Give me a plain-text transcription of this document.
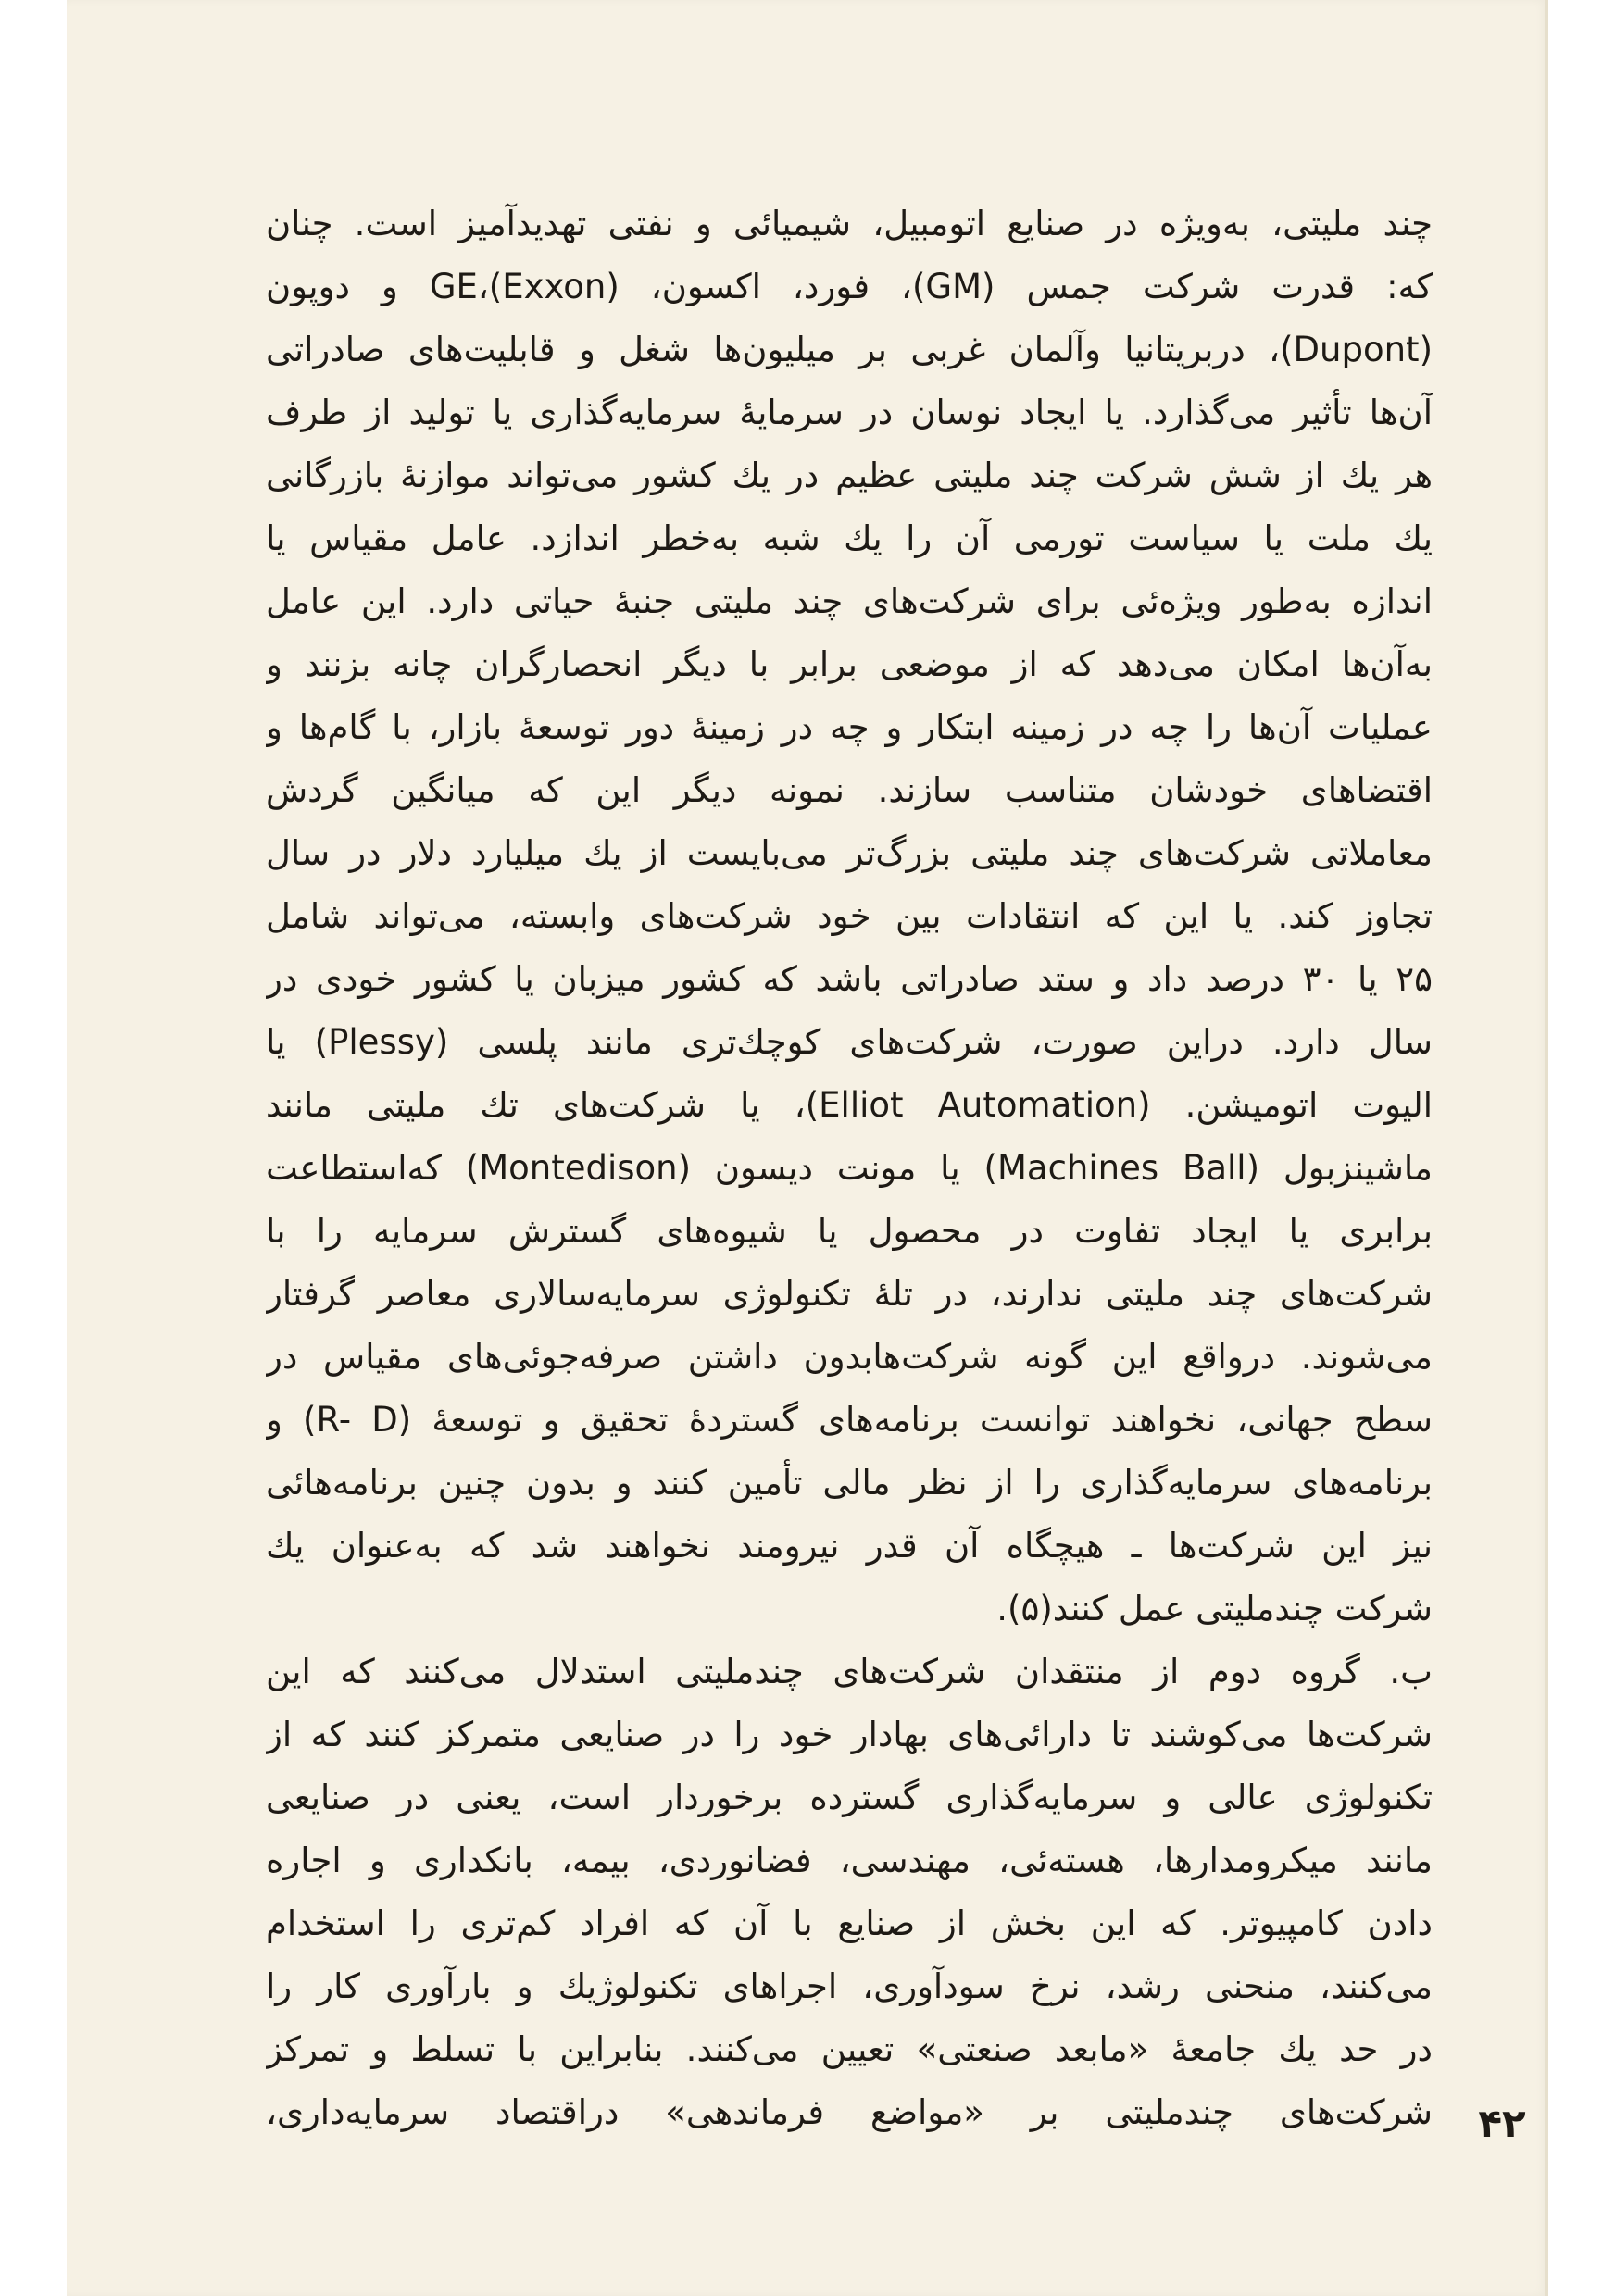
چند ملیتی، به‌ویژه در صنایع اتومبیل، شیمیائی و نفتی تهدیدآمیز است. چنان
که: قدرت شرکت جمس (GM)، فورد، اکسون، GE،(Exxon) و دوپون
(Dupont)، دربریتانیا وآلمان غربی بر میلیون‌ها شغل و قابلیت‌های صادراتی
آن‌ها تأثیر می‌گذارد. یا ایجاد نوسان در سرمایهٔ سرمایه‌گذاری یا تولید از طرف
هر یك از شش شرکت چند ملیتی عظیم در یك کشور می‌تواند موازنهٔ بازرگانی
یك ملت یا سیاست تورمی آن را یك شبه به‌خطر اندازد. عامل مقیاس یا
اندازه به‌طور ویژه‌ئی برای شرکت‌های چند ملیتی جنبهٔ حیاتی دارد. این عامل
به‌آن‌ها امکان می‌دهد که از موضعی برابر با دیگر انحصارگران چانه بزنند و
عملیات آن‌ها را چه در زمینه ابتکار و چه در زمینهٔ دور توسعهٔ بازار، با گام‌ها و
اقتضاهای خودشان متناسب سازند. نمونه دیگر این که میانگین گردش
معاملاتی شرکت‌های چند ملیتی بزرگ‌تر می‌بایست از یك میلیارد دلار در سال
تجاوز کند. یا این که انتقادات بین خود شرکت‌های وابسته، می‌تواند شامل
۲۵ یا ۳۰ درصد داد و ستد صادراتی باشد که کشور میزبان یا کشور خودی در
سال دارد. دراین صورت، شرکت‌های کوچك‌تری مانند پلسی (Plessy) یا
الیوت اتومیشن. (Elliot Automation)، یا شرکت‌های تك ملیتی مانند
ماشینزبول (Machines Ball) یا مونت دیسون (Montedison) که‌استطاعت
برابری یا ایجاد تفاوت در محصول یا شیوه‌های گسترش سرمایه را با
شرکت‌های چند ملیتی ندارند، در تلهٔ تکنولوژی سرمایه‌سالاری معاصر گرفتار
می‌شوند. درواقع این گونه شرکت‌هابدون داشتن صرفه‌جوئی‌های مقیاس در
سطح جهانی، نخواهند توانست برنامه‌های گستردهٔ تحقیق و توسعهٔ (R- D) و
برنامه‌های سرمایه‌گذاری را از نظر مالی تأمین کنند و بدون چنین برنامه‌هائی
نیز این شرکت‌ها ـ هیچگاه آن قدر نیرومند نخواهند شد که به‌عنوان یك
شرکت چندملیتی عمل کنند(۵).
ب. گروه دوم از منتقدان شرکت‌های چندملیتی استدلال می‌کنند که این
شرکت‌ها می‌کوشند تا دارائی‌های بهادار خود را در صنایعی متمرکز کنند که از
تکنولوژی عالی و سرمایه‌گذاری گسترده برخوردار است، یعنی در صنایعی
مانند میکرومدارها، هسته‌ئی، مهندسی، فضانوردی، بیمه، بانکداری و اجاره
دادن کامپیوتر. که این بخش از صنایع با آن که افراد کم‌تری را استخدام
می‌کنند، منحنی رشد، نرخ سودآوری، اجراهای تکنولوژیك و بارآوری کار را
در حد یك جامعهٔ «مابعد صنعتی» تعیین می‌کنند. بنابراین با تسلط و تمرکز
شرکت‌های چندملیتی بر «مواضع فرماندهی» دراقتصاد سرمایه‌داری،	۴۲
